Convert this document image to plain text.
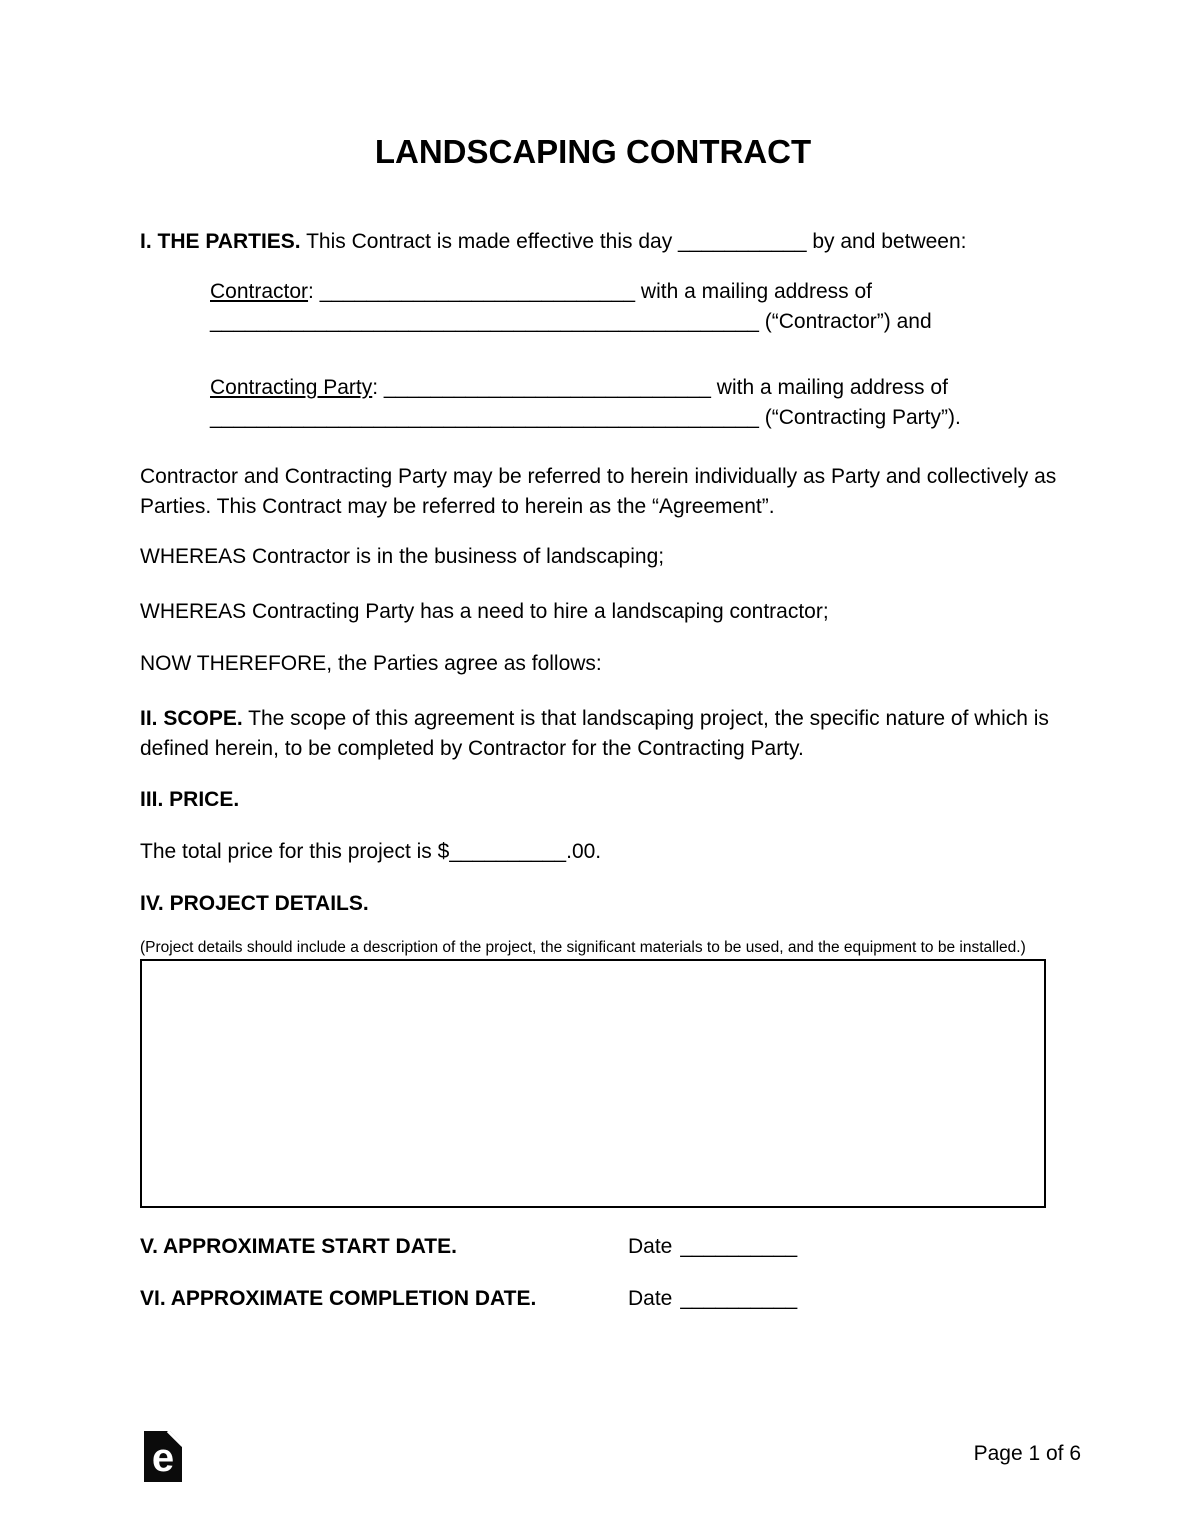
LANDSCAPING CONTRACT

I. THE PARTIES. This Contract is made effective this day ___________ by and between:

Contractor: ___________________________ with a mailing address of
_______________________________________________ (“Contractor”) and
Contracting Party: ____________________________ with a mailing address of
_______________________________________________ (“Contracting Party”).

Contractor and Contracting Party may be referred to herein individually as Party and collectively as Parties. This Contract may be referred to herein as the “Agreement”.

WHEREAS Contractor is in the business of landscaping;

WHEREAS Contracting Party has a need to hire a landscaping contractor;

NOW THEREFORE, the Parties agree as follows:

II. SCOPE. The scope of this agreement is that landscaping project, the specific nature of which is defined herein, to be completed by Contractor for the Contracting Party.

III. PRICE.

The total price for this project is $__________.00.

IV. PROJECT DETAILS.

(Project details should include a description of the project, the significant materials to be used, and the equipment to be installed.)
V. APPROXIMATE START DATE.	Date __________
VI. APPROXIMATE COMPLETION DATE.	Date __________
e	Page 1 of 6
